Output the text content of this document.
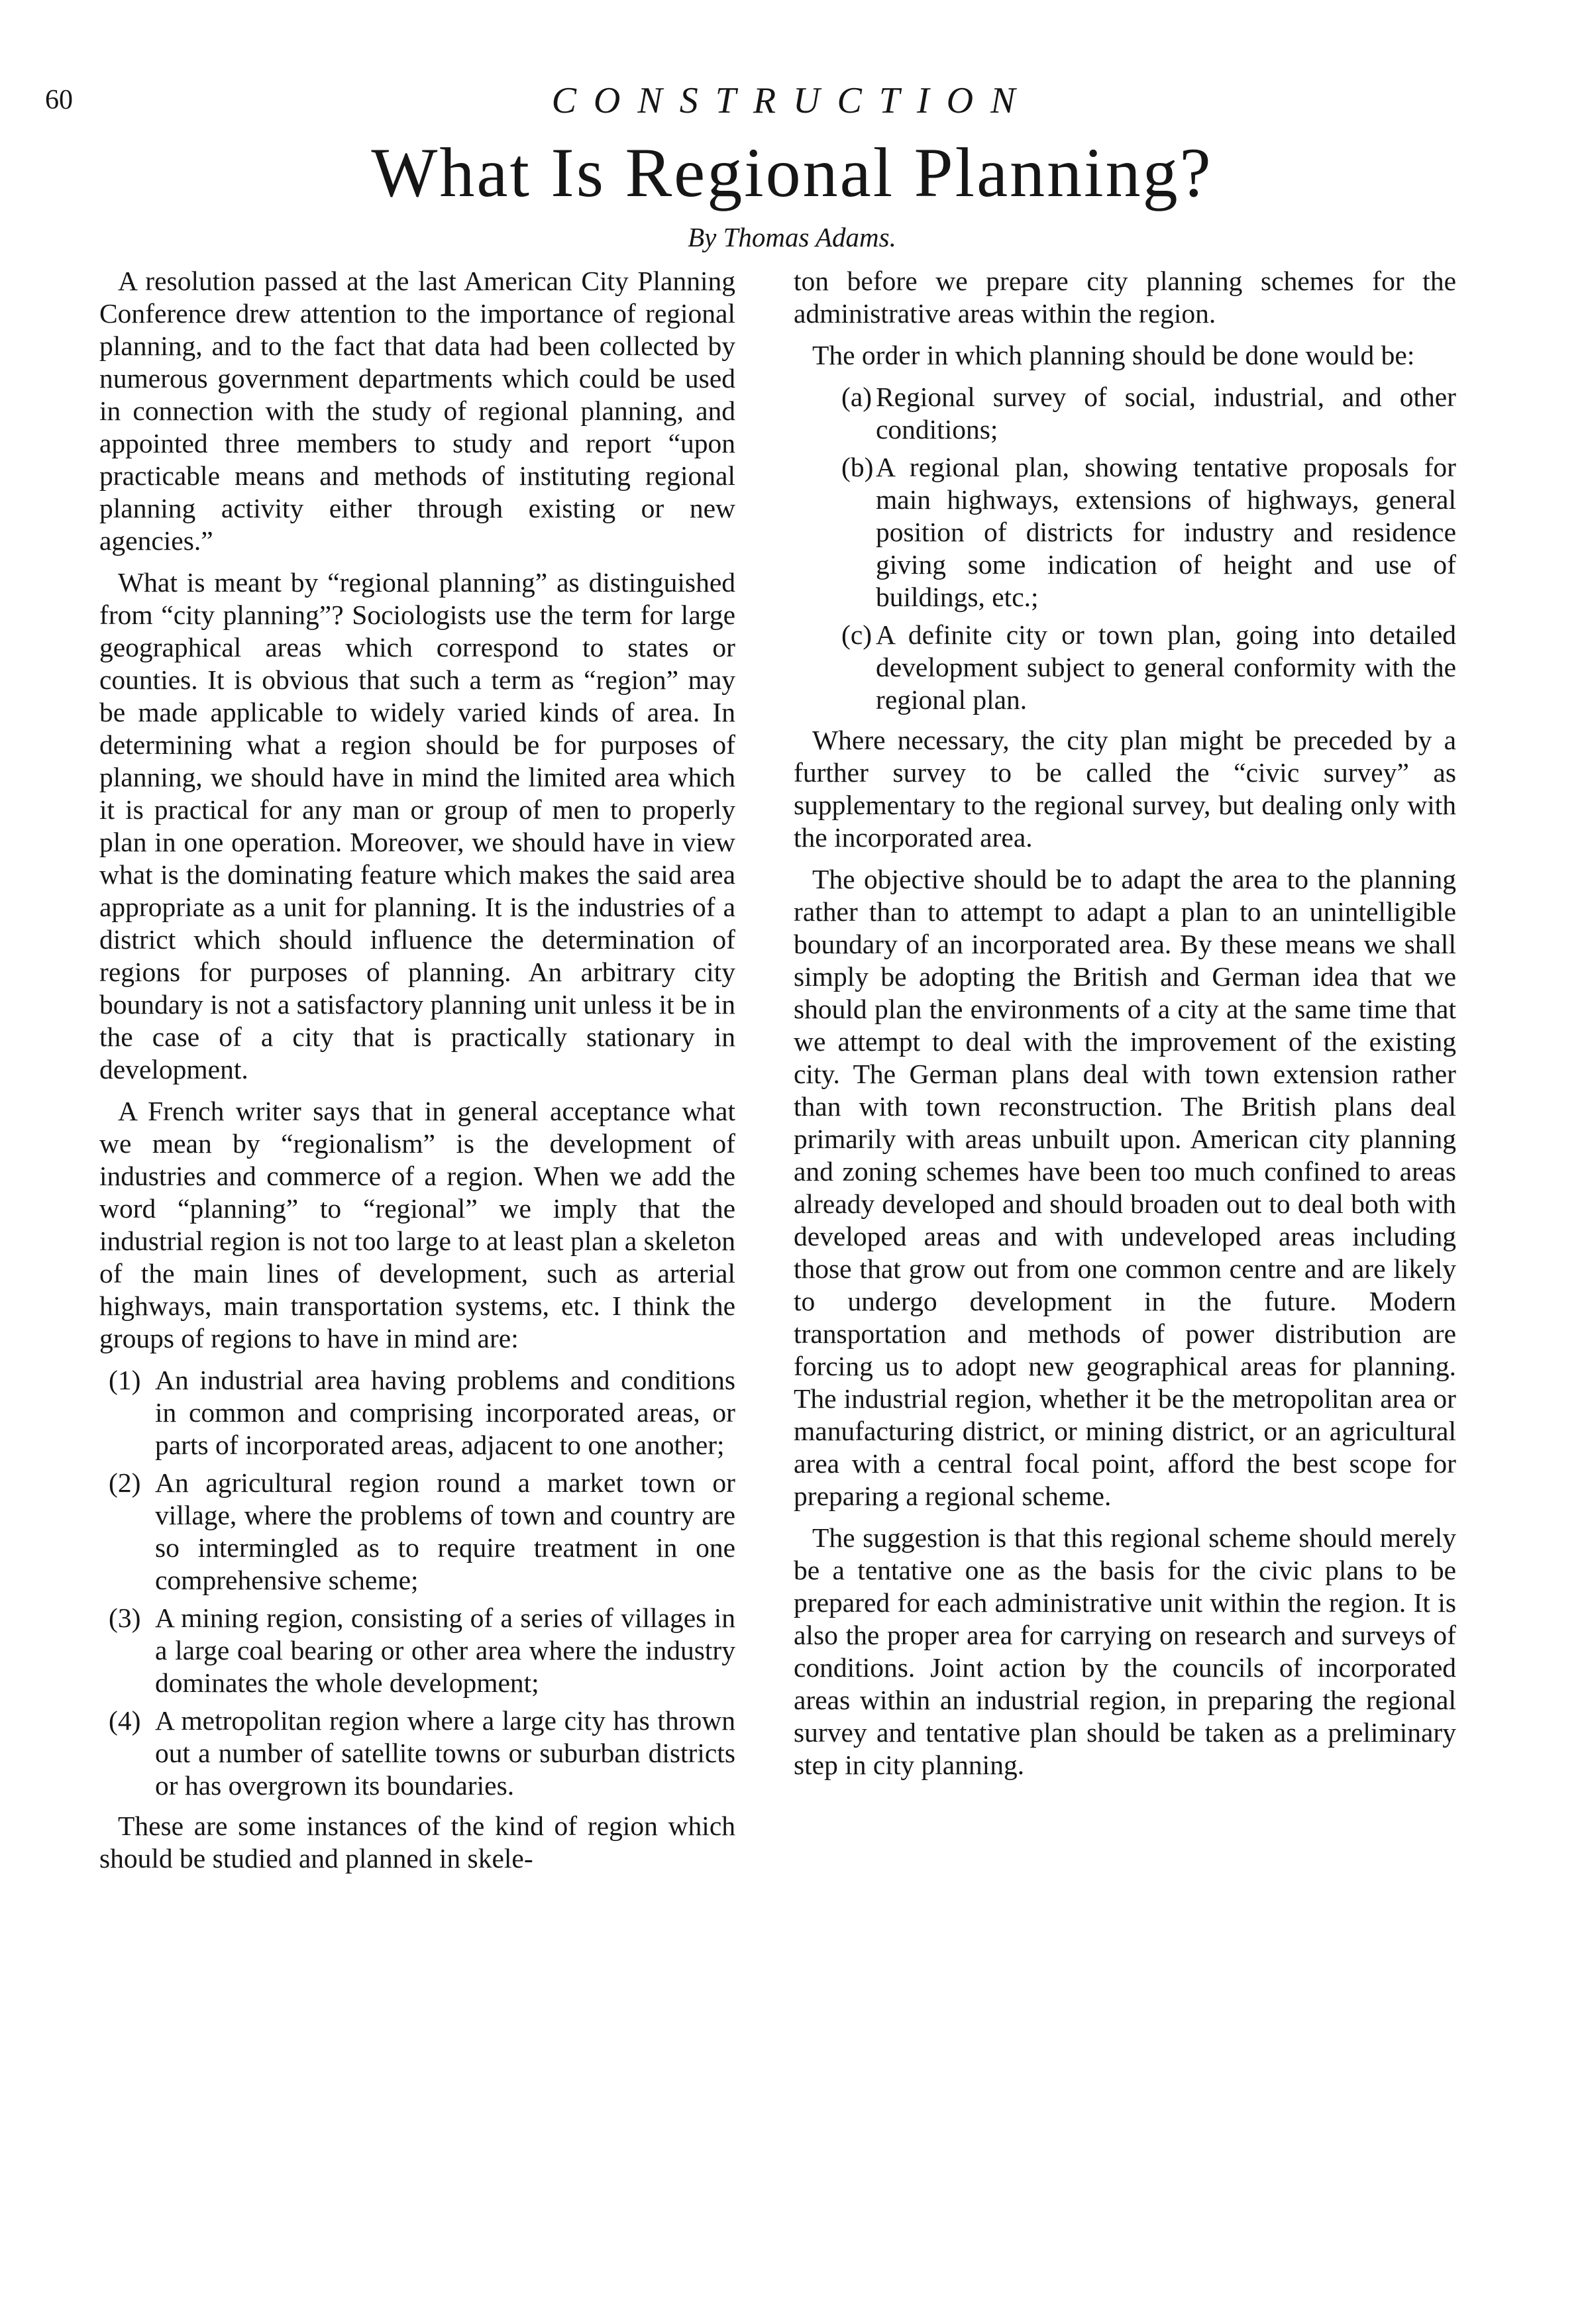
60	CONSTRUCTION
What Is Regional Planning?
By Thomas Adams.

A resolution passed at the last American City Planning Conference drew attention to the importance of regional planning, and to the fact that data had been collected by numerous government departments which could be used in connection with the study of regional planning, and appointed three members to study and report “upon practicable means and methods of instituting regional planning activity either through existing or new agencies.”

What is meant by “regional planning” as distinguished from “city planning”? Sociologists use the term for large geographical areas which correspond to states or counties. It is obvious that such a term as “region” may be made applicable to widely varied kinds of area. In determining what a region should be for purposes of planning, we should have in mind the limited area which it is practical for any man or group of men to properly plan in one operation. Moreover, we should have in view what is the dominating feature which makes the said area appropriate as a unit for planning. It is the industries of a district which should influence the determination of regions for purposes of planning. An arbitrary city boundary is not a satisfactory planning unit unless it be in the case of a city that is practically stationary in development.

A French writer says that in general acceptance what we mean by “regionalism” is the development of industries and commerce of a region. When we add the word “planning” to “regional” we imply that the industrial region is not too large to at least plan a skeleton of the main lines of development, such as arterial highways, main transportation systems, etc. I think the groups of regions to have in mind are:

(1) An industrial area having problems and conditions in common and comprising incorporated areas, or parts of incorporated areas, adjacent to one another;
(2) An agricultural region round a market town or village, where the problems of town and country are so intermingled as to require treatment in one comprehensive scheme;
(3) A mining region, consisting of a series of villages in a large coal bearing or other area where the industry dominates the whole development;
(4) A metropolitan region where a large city has thrown out a number of satellite towns or suburban districts or has overgrown its boundaries.

These are some instances of the kind of region which should be studied and planned in skele-

ton before we prepare city planning schemes for the administrative areas within the region.

The order in which planning should be done would be:

(a) Regional survey of social, industrial, and other conditions;
(b) A regional plan, showing tentative proposals for main highways, extensions of highways, general position of districts for industry and residence giving some indication of height and use of buildings, etc.;
(c) A definite city or town plan, going into detailed development subject to general conformity with the regional plan.

Where necessary, the city plan might be preceded by a further survey to be called the “civic survey” as supplementary to the regional survey, but dealing only with the incorporated area.

The objective should be to adapt the area to the planning rather than to attempt to adapt a plan to an unintelligible boundary of an incorporated area. By these means we shall simply be adopting the British and German idea that we should plan the environments of a city at the same time that we attempt to deal with the improvement of the existing city. The German plans deal with town extension rather than with town reconstruction. The British plans deal primarily with areas unbuilt upon. American city planning and zoning schemes have been too much confined to areas already developed and should broaden out to deal both with developed areas and with undeveloped areas including those that grow out from one common centre and are likely to undergo development in the future. Modern transportation and methods of power distribution are forcing us to adopt new geographical areas for planning. The industrial region, whether it be the metropolitan area or manufacturing district, or mining district, or an agricultural area with a central focal point, afford the best scope for preparing a regional scheme.

The suggestion is that this regional scheme should merely be a tentative one as the basis for the civic plans to be prepared for each administrative unit within the region. It is also the proper area for carrying on research and surveys of conditions. Joint action by the councils of incorporated areas within an industrial region, in preparing the regional survey and tentative plan should be taken as a preliminary step in city planning.
